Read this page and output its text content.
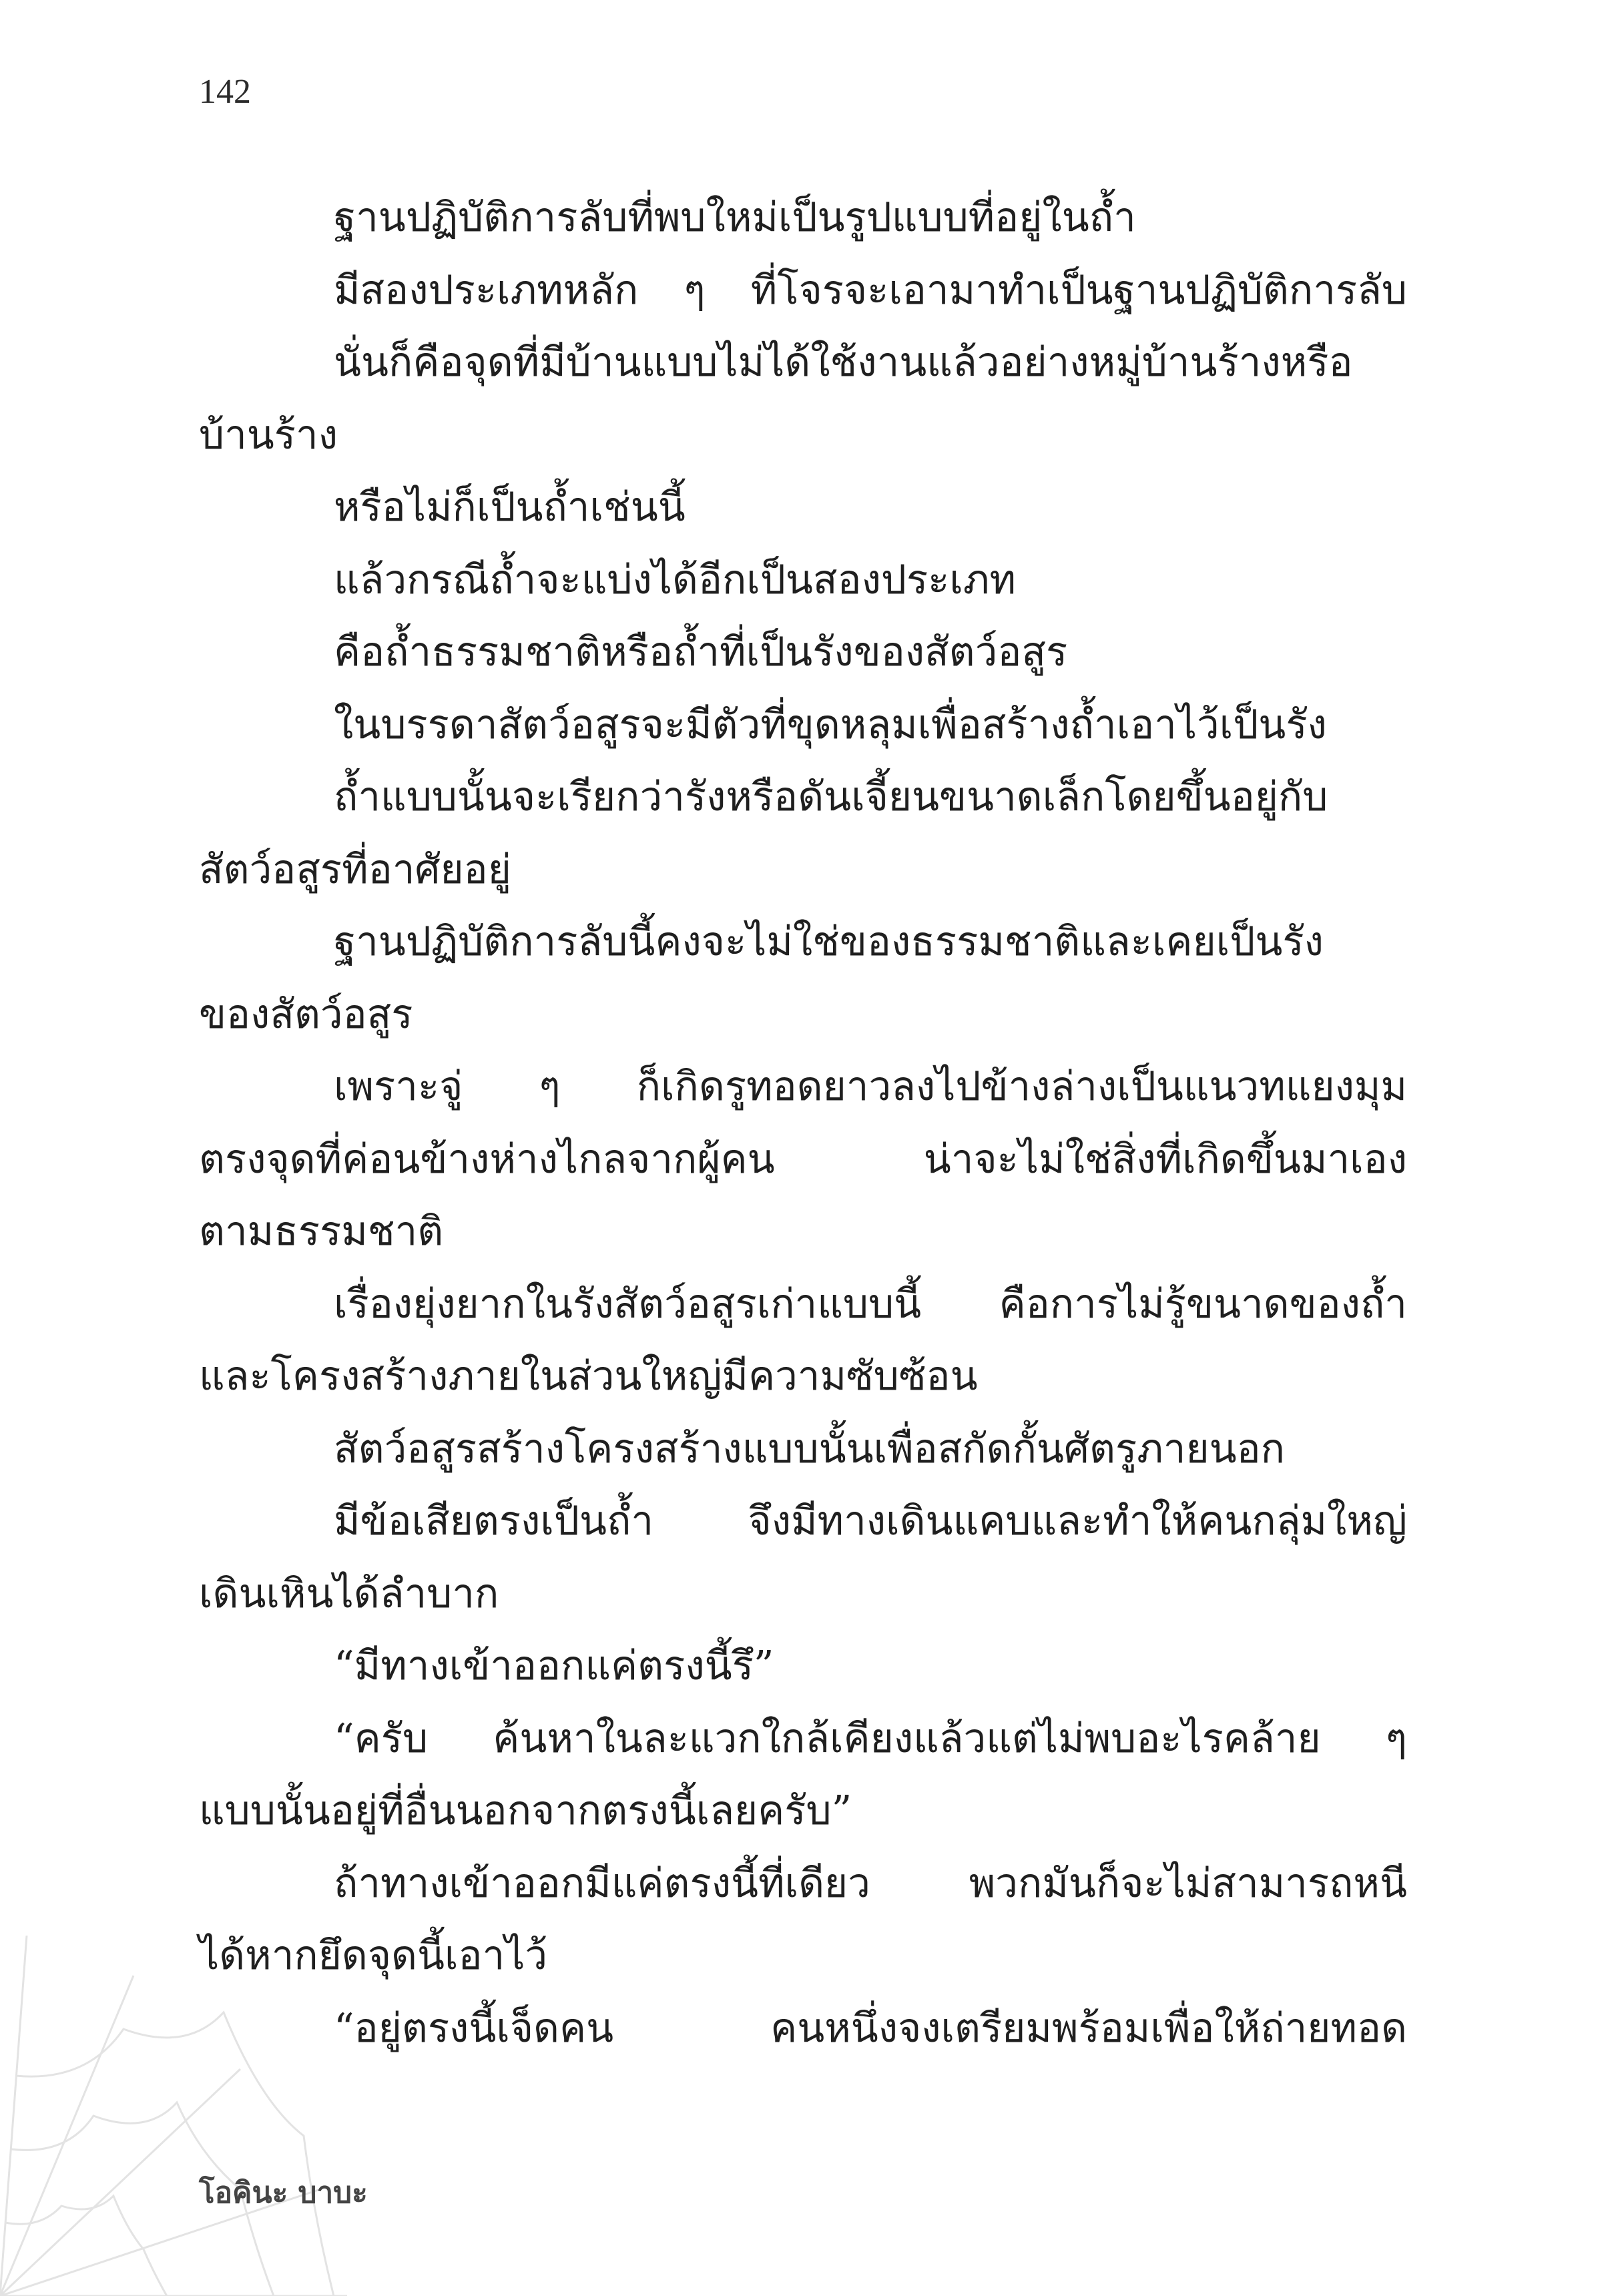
142
ฐานปฏิบัติการลับที่พบใหม่เป็นรูปแบบที่อยู่ในถ้ำ
มีสองประเภทหลัก ๆ ที่โจรจะเอามาทำเป็นฐานปฏิบัติการลับ
นั่นก็คือจุดที่มีบ้านแบบไม่ได้ใช้งานแล้วอย่างหมู่บ้านร้างหรือ
บ้านร้าง
หรือไม่ก็เป็นถ้ำเช่นนี้
แล้วกรณีถ้ำจะแบ่งได้อีกเป็นสองประเภท
คือถ้ำธรรมชาติหรือถ้ำที่เป็นรังของสัตว์อสูร
ในบรรดาสัตว์อสูรจะมีตัวที่ขุดหลุมเพื่อสร้างถ้ำเอาไว้เป็นรัง
ถ้ำแบบนั้นจะเรียกว่ารังหรือดันเจี้ยนขนาดเล็กโดยขึ้นอยู่กับ
สัตว์อสูรที่อาศัยอยู่
ฐานปฏิบัติการลับนี้คงจะไม่ใช่ของธรรมชาติและเคยเป็นรัง
ของสัตว์อสูร
เพราะจู่ ๆ ก็เกิดรูทอดยาวลงไปข้างล่างเป็นแนวทแยงมุม
ตรงจุดที่ค่อนข้างห่างไกลจากผู้คน น่าจะไม่ใช่สิ่งที่เกิดขึ้นมาเอง
ตามธรรมชาติ
เรื่องยุ่งยากในรังสัตว์อสูรเก่าแบบนี้ คือการไม่รู้ขนาดของถ้ำ
และโครงสร้างภายในส่วนใหญ่มีความซับซ้อน
สัตว์อสูรสร้างโครงสร้างแบบนั้นเพื่อสกัดกั้นศัตรูภายนอก
มีข้อเสียตรงเป็นถ้ำ จึงมีทางเดินแคบและทำให้คนกลุ่มใหญ่
เดินเหินได้ลำบาก
“มีทางเข้าออกแค่ตรงนี้รึ”
“ครับ ค้นหาในละแวกใกล้เคียงแล้วแต่ไม่พบอะไรคล้าย ๆ
แบบนั้นอยู่ที่อื่นนอกจากตรงนี้เลยครับ”
ถ้าทางเข้าออกมีแค่ตรงนี้ที่เดียว พวกมันก็จะไม่สามารถหนี
ได้หากยึดจุดนี้เอาไว้
“อยู่ตรงนี้เจ็ดคน คนหนึ่งจงเตรียมพร้อมเพื่อให้ถ่ายทอด
โอคินะ บาบะ
